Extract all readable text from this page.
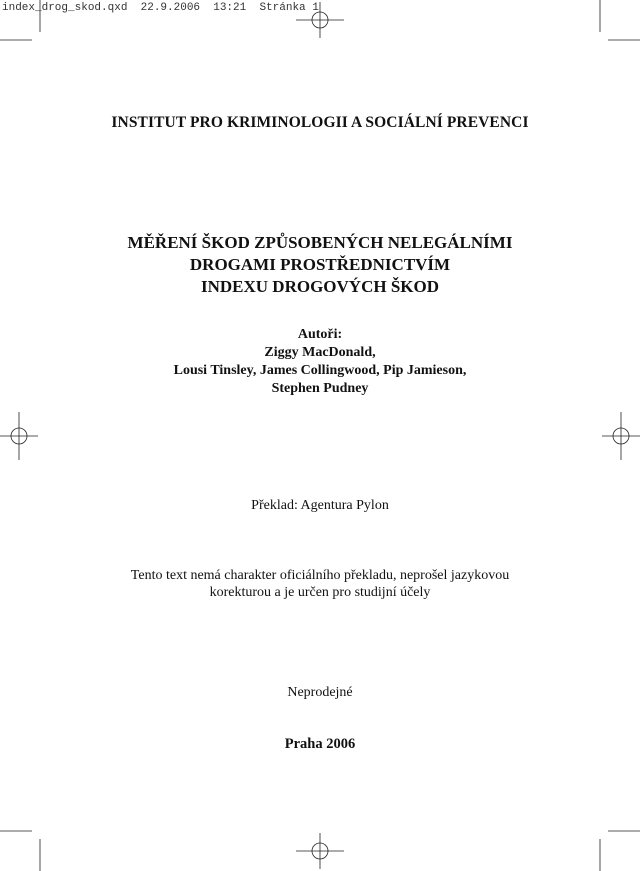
index_drog_skod.qxd  22.9.2006  13:21  Stránka 1
INSTITUT PRO KRIMINOLOGII A SOCIÁLNÍ PREVENCI
MĚŘENÍ ŠKOD ZPŮSOBENÝCH NELEGÁLNÍMI
DROGAMI PROSTŘEDNICTVÍM
INDEXU DROGOVÝCH ŠKOD
Autoři:
Ziggy MacDonald,
Lousi Tinsley, James Collingwood, Pip Jamieson,
Stephen Pudney
Překlad: Agentura Pylon
Tento text nemá charakter oficiálního překladu, neprošel jazykovou
korekturou a je určen pro studijní účely
Neprodejné
Praha 2006
